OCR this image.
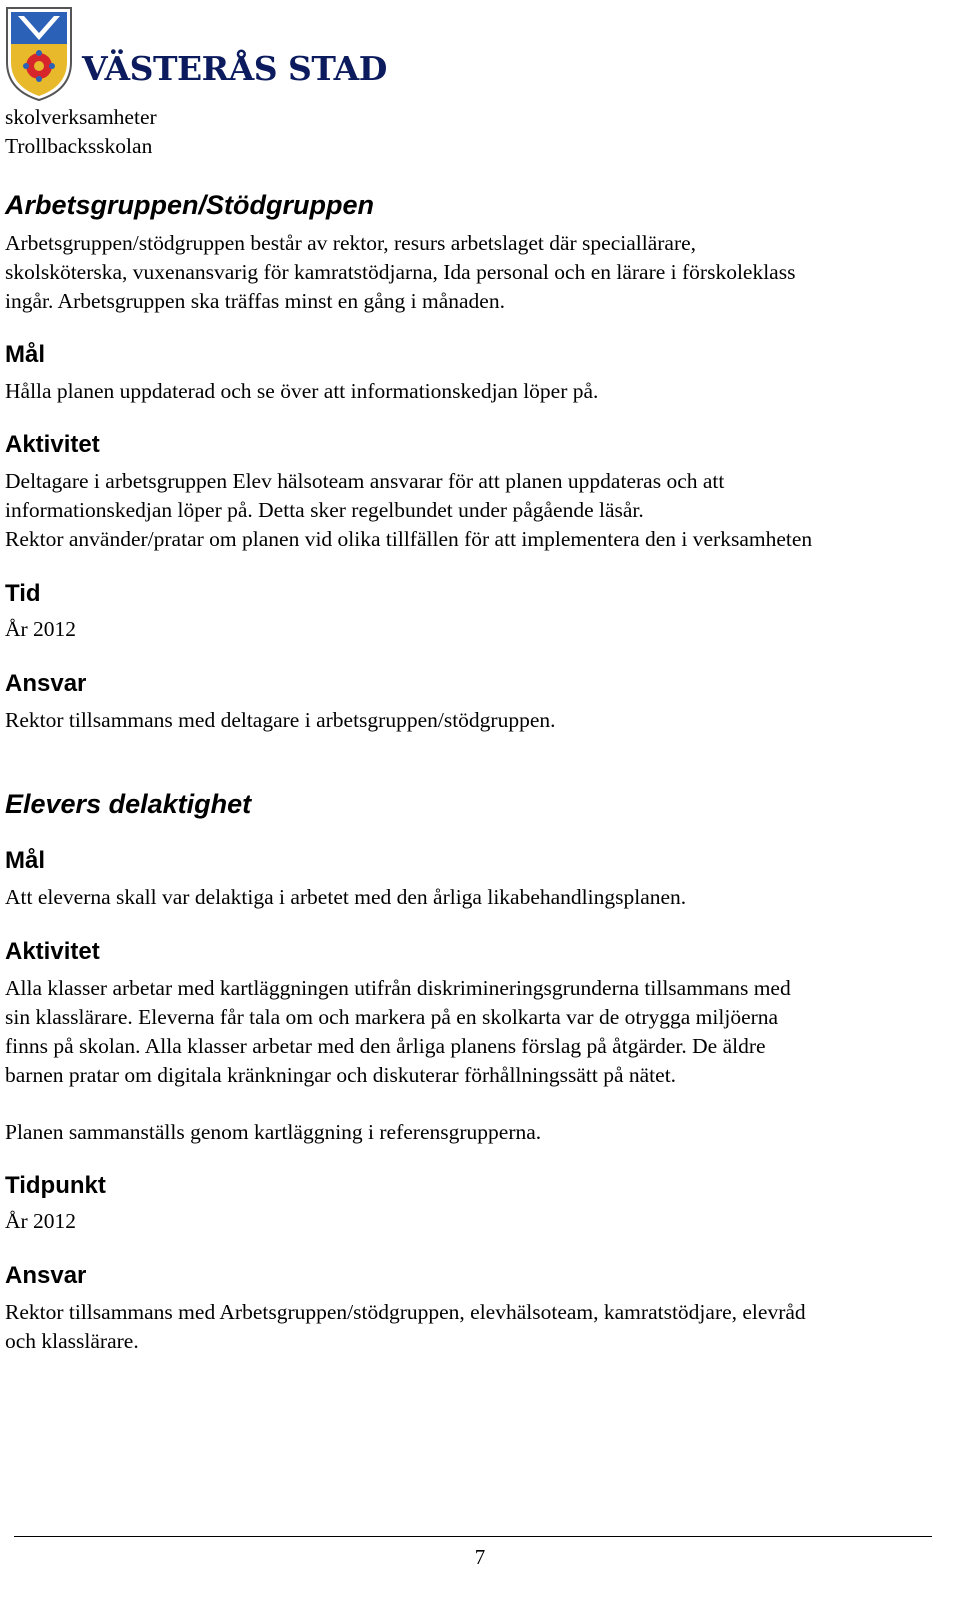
VÄSTERÅS STAD
skolverksamheter
Trollbacksskolan
Arbetsgruppen/Stödgruppen
Arbetsgruppen/stödgruppen består av rektor, resurs arbetslaget där speciallärare,
skolsköterska, vuxenansvarig för kamratstödjarna, Ida personal och en lärare i förskoleklass
ingår. Arbetsgruppen ska träffas minst en gång i månaden.
Mål
Hålla planen uppdaterad och se över att informationskedjan löper på.
Aktivitet
Deltagare i arbetsgruppen Elev hälsoteam ansvarar för att planen uppdateras och att
informationskedjan löper på. Detta sker regelbundet under pågående läsår.
Rektor använder/pratar om planen vid olika tillfällen för att implementera den i verksamheten
Tid
År 2012
Ansvar
Rektor tillsammans med deltagare i arbetsgruppen/stödgruppen.
Elevers delaktighet
Mål
Att eleverna skall var delaktiga i arbetet med den årliga likabehandlingsplanen.
Aktivitet
Alla klasser arbetar med kartläggningen utifrån diskrimineringsgrunderna tillsammans med
sin klasslärare. Eleverna får tala om och markera på en skolkarta var de otrygga miljöerna
finns på skolan. Alla klasser arbetar med den årliga planens förslag på åtgärder. De äldre
barnen pratar om digitala kränkningar och diskuterar förhållningssätt på nätet.
Planen sammanställs genom kartläggning i referensgrupperna.
Tidpunkt
År 2012
Ansvar
Rektor tillsammans med Arbetsgruppen/stödgruppen, elevhälsoteam, kamratstödjare, elevråd
och klasslärare.
7
